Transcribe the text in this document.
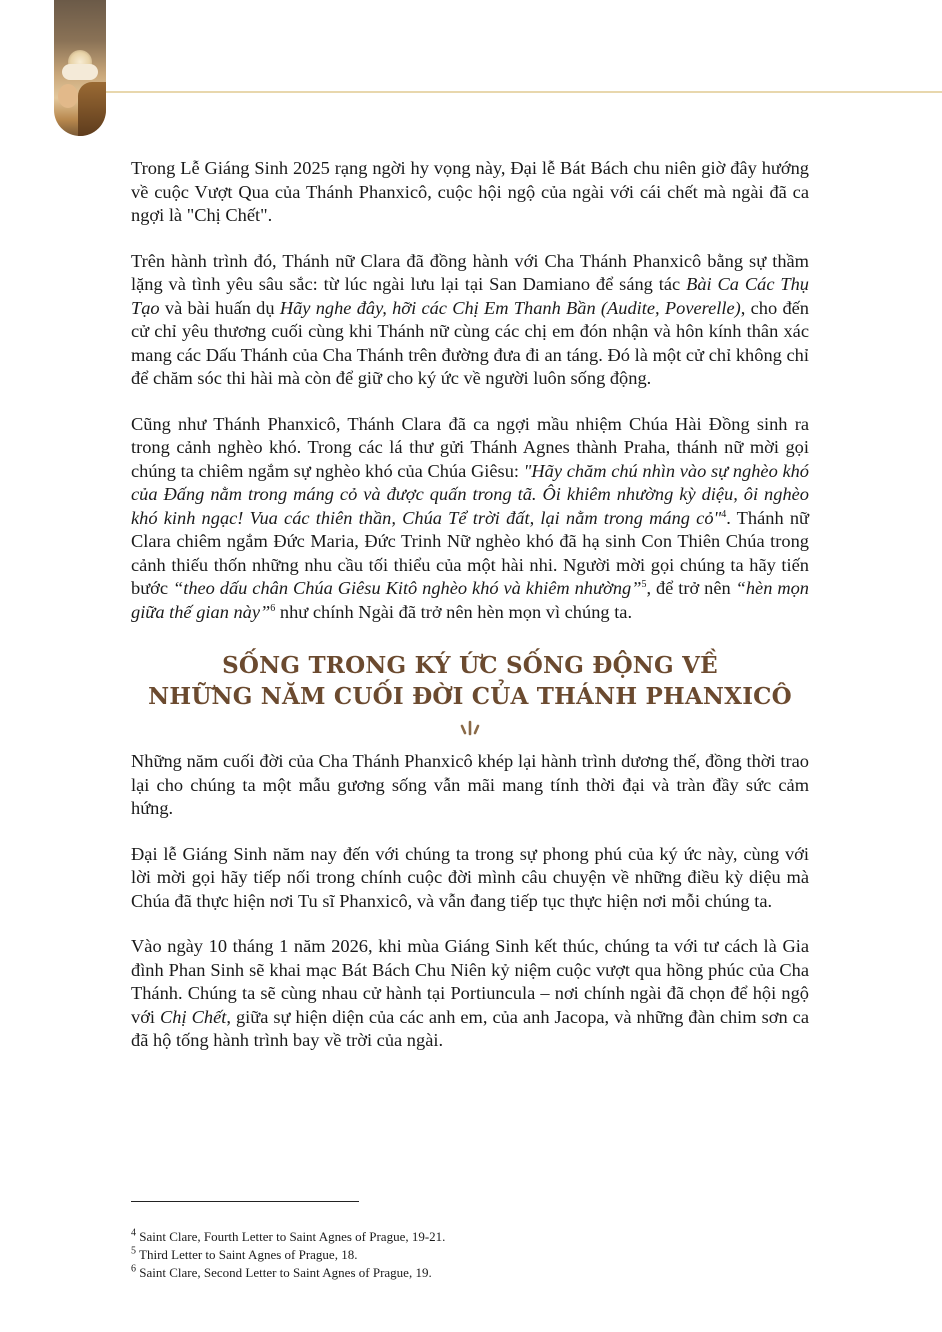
Trong Lễ Giáng Sinh 2025 rạng ngời hy vọng này, Đại lễ Bát Bách chu niên giờ đây hướng về cuộc Vượt Qua của Thánh Phanxicô, cuộc hội ngộ của ngài với cái chết mà ngài đã ca ngợi là "Chị Chết".

Trên hành trình đó, Thánh nữ Clara đã đồng hành với Cha Thánh Phanxicô bằng sự thầm lặng và tình yêu sâu sắc: từ lúc ngài lưu lại tại San Damiano để sáng tác Bài Ca Các Thụ Tạo và bài huấn dụ Hãy nghe đây, hỡi các Chị Em Thanh Bần (Audite, Poverelle), cho đến cử chỉ yêu thương cuối cùng khi Thánh nữ cùng các chị em đón nhận và hôn kính thân xác mang các Dấu Thánh của Cha Thánh trên đường đưa đi an táng. Đó là một cử chỉ không chỉ để chăm sóc thi hài mà còn để giữ cho ký ức về người luôn sống động.

Cũng như Thánh Phanxicô, Thánh Clara đã ca ngợi mầu nhiệm Chúa Hài Đồng sinh ra trong cảnh nghèo khó. Trong các lá thư gửi Thánh Agnes thành Praha, thánh nữ mời gọi chúng ta chiêm ngắm sự nghèo khó của Chúa Giêsu: "Hãy chăm chú nhìn vào sự nghèo khó của Đấng nằm trong máng cỏ và được quấn trong tã. Ôi khiêm nhường kỳ diệu, ôi nghèo khó kinh ngạc! Vua các thiên thần, Chúa Tể trời đất, lại nằm trong máng cỏ"$^4$. Thánh nữ Clara chiêm ngắm Đức Maria, Đức Trinh Nữ nghèo khó đã hạ sinh Con Thiên Chúa trong cảnh thiếu thốn những nhu cầu tối thiểu của một hài nhi. Người mời gọi chúng ta hãy tiến bước “theo dấu chân Chúa Giêsu Kitô nghèo khó và khiêm nhường”$^5$, để trở nên “hèn mọn giữa thế gian này”$^6$ như chính Ngài đã trở nên hèn mọn vì chúng ta.

SỐNG TRONG KÝ ỨC SỐNG ĐỘNG VỀ
NHỮNG NĂM CUỐI ĐỜI CỦA THÁNH PHANXICÔ

Những năm cuối đời của Cha Thánh Phanxicô khép lại hành trình dương thế, đồng thời trao lại cho chúng ta một mẫu gương sống vẫn mãi mang tính thời đại và tràn đầy sức cảm hứng.

Đại lễ Giáng Sinh năm nay đến với chúng ta trong sự phong phú của ký ức này, cùng với lời mời gọi hãy tiếp nối trong chính cuộc đời mình câu chuyện về những điều kỳ diệu mà Chúa đã thực hiện nơi Tu sĩ Phanxicô, và vẫn đang tiếp tục thực hiện nơi mỗi chúng ta.

Vào ngày 10 tháng 1 năm 2026, khi mùa Giáng Sinh kết thúc, chúng ta với tư cách là Gia đình Phan Sinh sẽ khai mạc Bát Bách Chu Niên kỷ niệm cuộc vượt qua hồng phúc của Cha Thánh. Chúng ta sẽ cùng nhau cử hành tại Portiuncula – nơi chính ngài đã chọn để hội ngộ với Chị Chết, giữa sự hiện diện của các anh em, của anh Jacopa, và những đàn chim sơn ca đã hộ tống hành trình bay về trời của ngài.

$^4$ Saint Clare, Fourth Letter to Saint Agnes of Prague, 19-21.
$^5$ Third Letter to Saint Agnes of Prague, 18.
$^6$ Saint Clare, Second Letter to Saint Agnes of Prague, 19.
